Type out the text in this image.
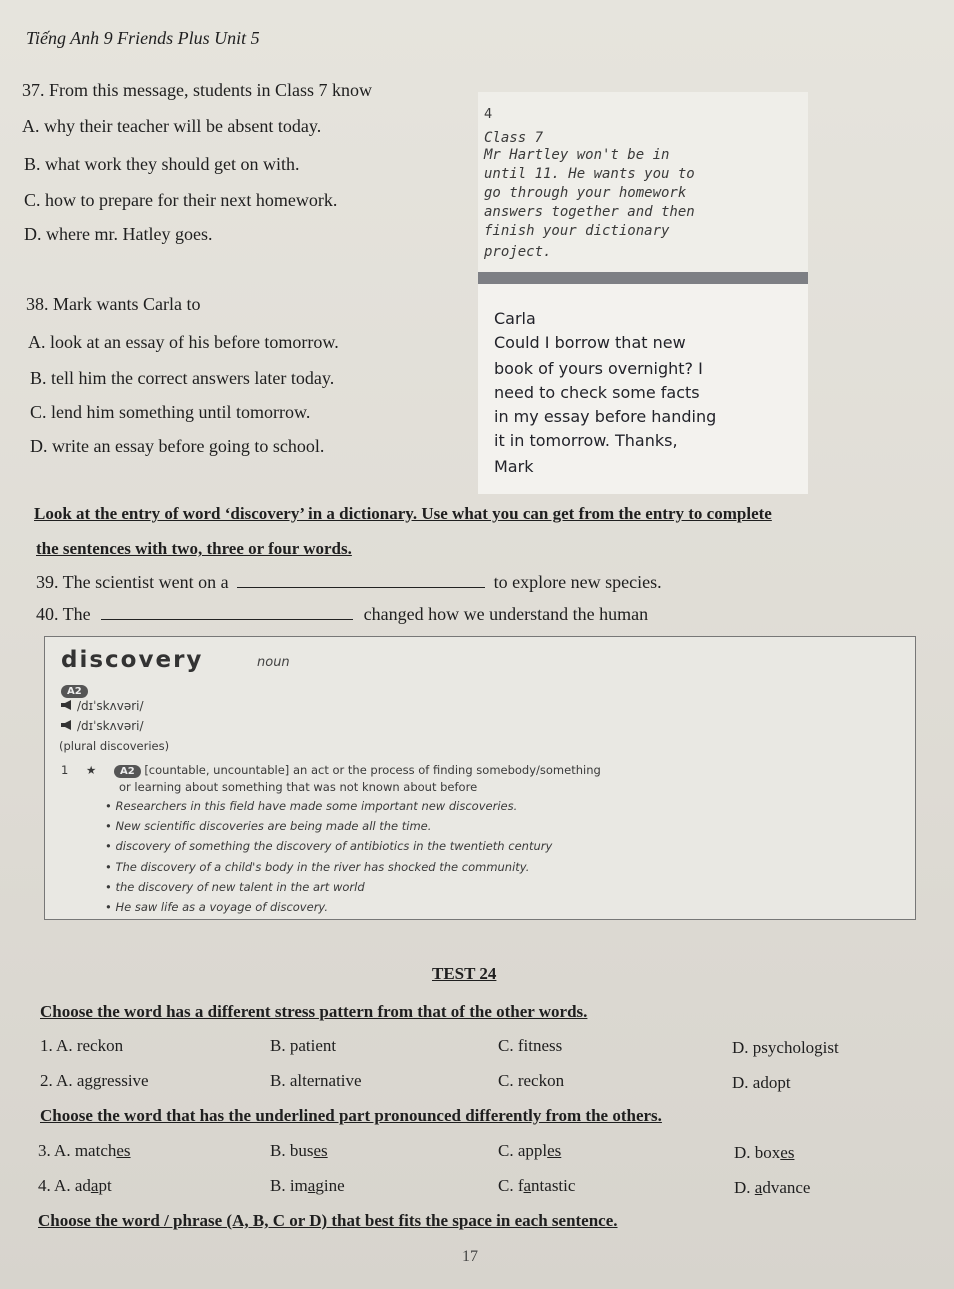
Tiếng Anh 9 Friends Plus Unit 5
37. From this message, students in Class 7 know
A. why their teacher will be absent today.
B. what work they should get on with.
C. how to prepare for their next homework.
D. where mr. Hatley goes.
4
Class 7
Mr Hartley won't be in
until 11. He wants you to
go through your homework
answers together and then
finish your dictionary
project.
38. Mark wants Carla to
A. look at an essay of his before tomorrow.
B. tell him the correct answers later today.
C. lend him something until tomorrow.
D. write an essay before going to school.
Carla
Could I borrow that new
book of yours overnight? I
need to check some facts
in my essay before handing
it in tomorrow. Thanks,
Mark
Look at the entry of word ‘discovery’ in a dictionary. Use what you can get from the entry to complete
the sentences with two, three or four words.
39. The scientist went on a	to explore new species.
40. The	changed how we understand the human
discovery	noun
A2
/dɪˈskʌvəri/
/dɪˈskʌvəri/
(plural discoveries)
1 ★ A2 [countable, uncountable] an act or the process of finding somebody/something
or learning about something that was not known about before
• Researchers in this field have made some important new discoveries.
• New scientific discoveries are being made all the time.
• discovery of something the discovery of antibiotics in the twentieth century
• The discovery of a child's body in the river has shocked the community.
• the discovery of new talent in the art world
• He saw life as a voyage of discovery.
TEST 24
Choose the word has a different stress pattern from that of the other words.
1. A. reckon	B. patient	C. fitness	D. psychologist
2. A. aggressive	B. alternative	C. reckon	D. adopt
Choose the word that has the underlined part pronounced differently from the others.
3. A. matches	B. buses	C. apples	D. boxes
4. A. adapt	B. imagine	C. fantastic	D. advance
Choose the word / phrase (A, B, C or D) that best fits the space in each sentence.
17
